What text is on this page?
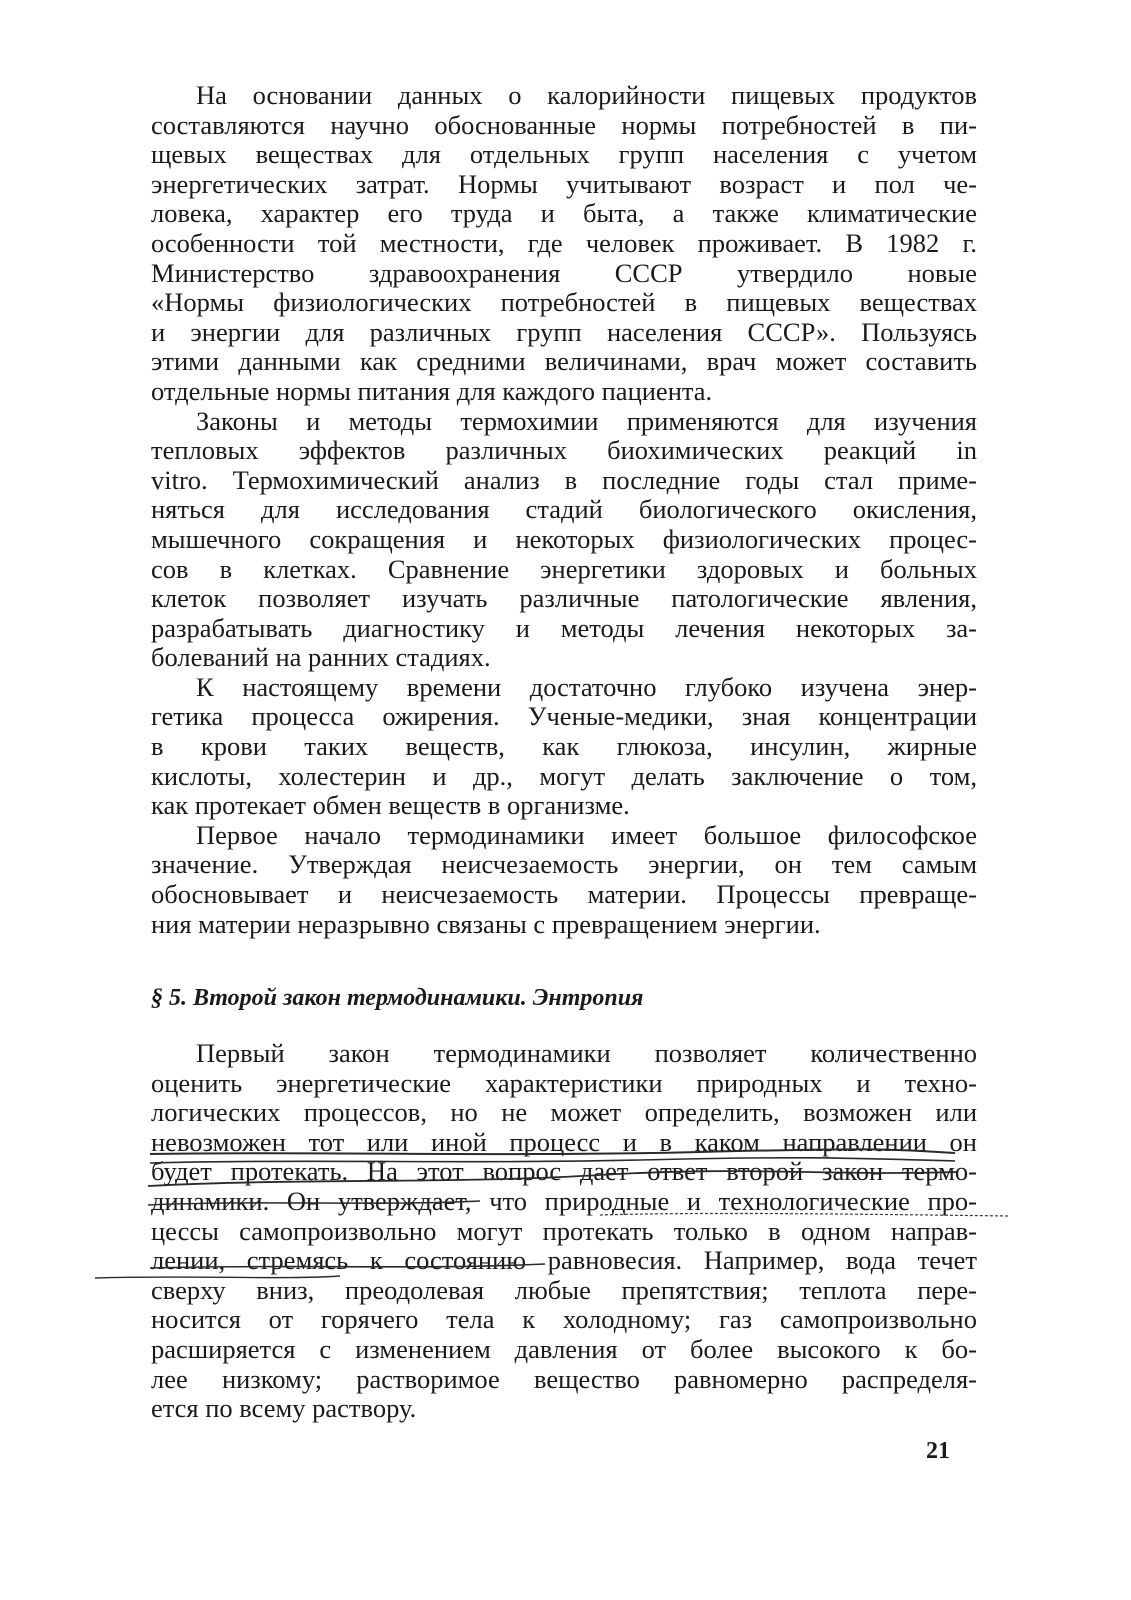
На основании данных о калорийности пищевых продуктов
составляются научно обоснованные нормы потребностей в пи-
щевых веществах для отдельных групп населения с учетом
энергетических затрат. Нормы учитывают возраст и пол че-
ловека, характер его труда и быта, а также климатические
особенности той местности, где человек проживает. В 1982 г.
Министерство здравоохранения СССР утвердило новые
«Нормы физиологических потребностей в пищевых веществах
и энергии для различных групп населения СССР». Пользуясь
этими данными как средними величинами, врач может составить
отдельные нормы питания для каждого пациента.
Законы и методы термохимии применяются для изучения
тепловых эффектов различных биохимических реакций in
vitro. Термохимический анализ в последние годы стал приме-
няться для исследования стадий биологического окисления,
мышечного сокращения и некоторых физиологических процес-
сов в клетках. Сравнение энергетики здоровых и больных
клеток позволяет изучать различные патологические явления,
разрабатывать диагностику и методы лечения некоторых за-
болеваний на ранних стадиях.
К настоящему времени достаточно глубоко изучена энер-
гетика процесса ожирения. Ученые-медики, зная концентрации
в крови таких веществ, как глюкоза, инсулин, жирные
кислоты, холестерин и др., могут делать заключение о том,
как протекает обмен веществ в организме.
Первое начало термодинамики имеет большое философское
значение. Утверждая неисчезаемость энергии, он тем самым
обосновывает и неисчезаемость материи. Процессы превраще-
ния материи неразрывно связаны с превращением энергии.
§ 5. Второй закон термодинамики. Энтропия
Первый закон термодинамики позволяет количественно
оценить энергетические характеристики природных и техно-
логических процессов, но не может определить, возможен или
невозможен тот или иной процесс и в каком направлении он
будет протекать. На этот вопрос дает ответ второй закон термо-
динамики. Он утверждает, что природные и технологические про-
цессы самопроизвольно могут протекать только в одном направ-
лении, стремясь к состоянию равновесия. Например, вода течет
сверху вниз, преодолевая любые препятствия; теплота пере-
носится от горячего тела к холодному; газ самопроизвольно
расширяется с изменением давления от более высокого к бо-
лее низкому; растворимое вещество равномерно распределя-
ется по всему раствору.
21
